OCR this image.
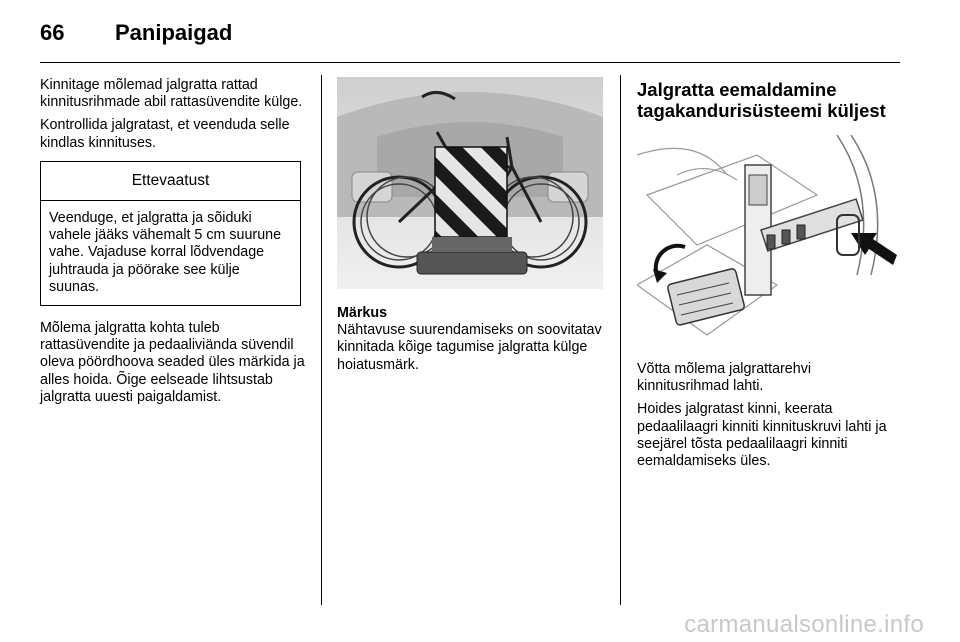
66 Panipaigad

Kinnitage mõlemad jalgratta rattad kinnitusrihmade abil rattasüvendite külge.

Kontrollida jalgratast, et veenduda selle kindlas kinnituses.

Ettevaatust
Veenduge, et jalgratta ja sõiduki vahele jääks vähemalt 5 cm suurune vahe. Vajaduse korral lõdvendage juhtrauda ja pöörake see külje suunas.

Mõlema jalgratta kohta tuleb rattasüvendite ja pedaaliviända süvendil oleva pöördhoova seaded üles märkida ja alles hoida. Õige eelseade lihtsustab jalgratta uuesti paigaldamist.

Märkus
Nähtavuse suurendamiseks on soovitatav kinnitada kõige tagumise jalgratta külge hoiatusmärk.
Jalgratta eemaldamine tagakandurisüsteemi küljest

Võtta mõlema jalgrattarehvi kinnitusrihmad lahti.

Hoides jalgratast kinni, keerata pedaalilaagri kinniti kinnituskruvi lahti ja seejärel tõsta pedaalilaagri kinniti eemaldamiseks üles.

carmanualsonline.info
